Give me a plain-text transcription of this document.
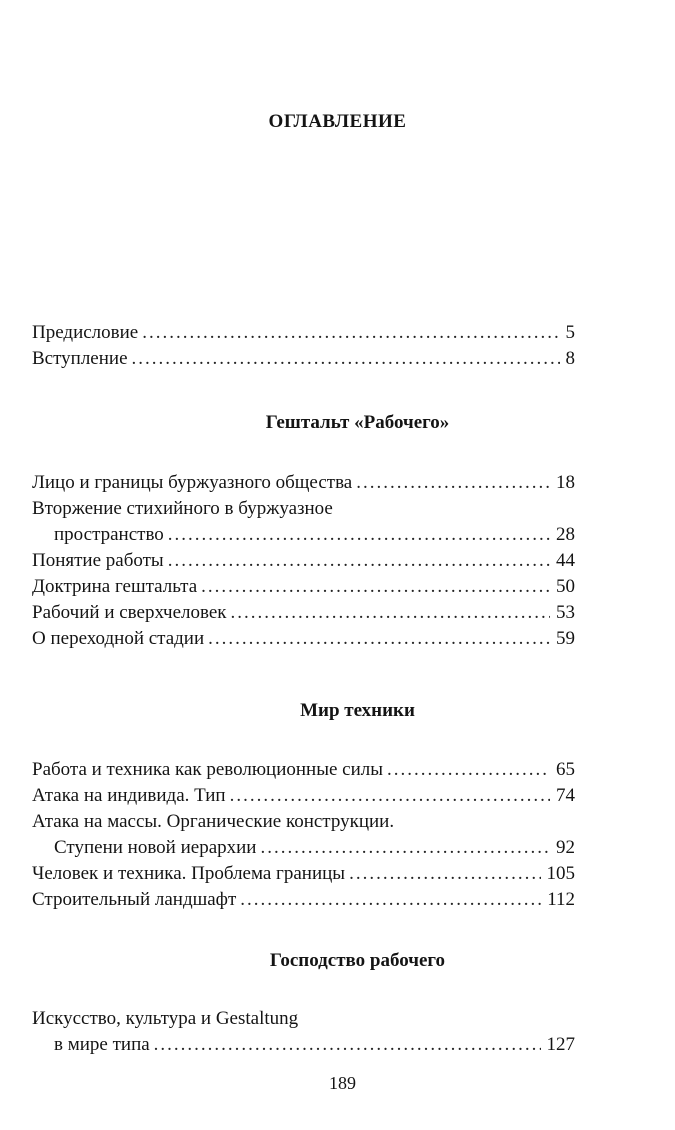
ОГЛАВЛЕНИЕ
Предисловие .....	5
Вступление .....	8
Гештальт «Рабочего»
Лицо и границы буржуазного общества .....	18
Вторжение стихийного в буржуазное
пространство .....	28
Понятие работы .....	44
Доктрина гештальта .....	50
Рабочий и сверхчеловек .....	53
О переходной стадии .....	59
Мир техники
Работа и техника как революционные силы .....	65
Атака на индивида. Тип .....	74
Атака на массы. Органические конструкции.
Ступени новой иерархии .....	92
Человек и техника. Проблема границы .....	105
Строительный ландшафт .....	112
Господство рабочего
Искусство, культура и Gestaltung
в мире типа .....	127
189
